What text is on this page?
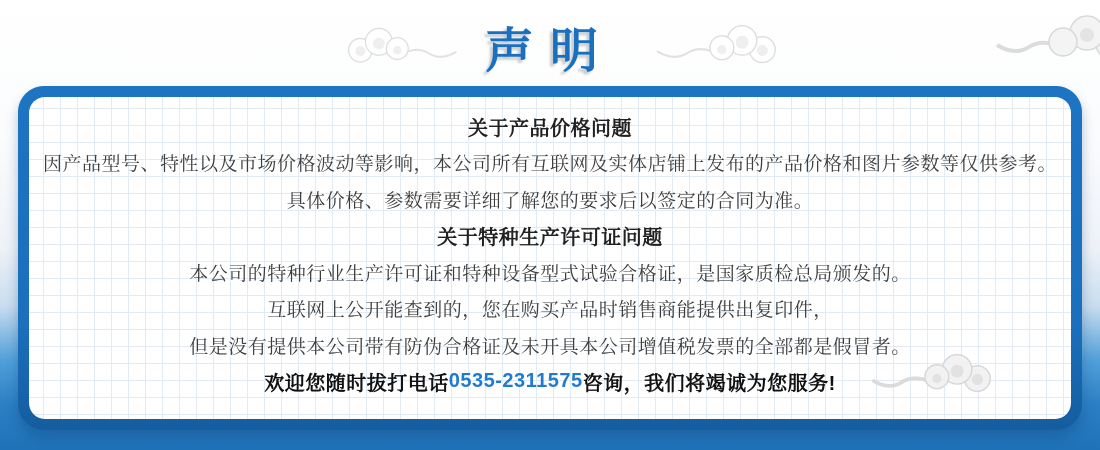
声明
关于产品价格问题
因产品型号、特性以及市场价格波动等影响，本公司所有互联网及实体店铺上发布的产品价格和图片参数等仅供参考。
具体价格、参数需要详细了解您的要求后以签定的合同为准。
关于特种生产许可证问题
本公司的特种行业生产许可证和特种设备型式试验合格证，是国家质检总局颁发的。
互联网上公开能查到的，您在购买产品时销售商能提供出复印件，
但是没有提供本公司带有防伪合格证及未开具本公司增值税发票的全部都是假冒者。
欢迎您随时拔打电话 0535-2311575 咨询，我们将竭诚为您服务!
